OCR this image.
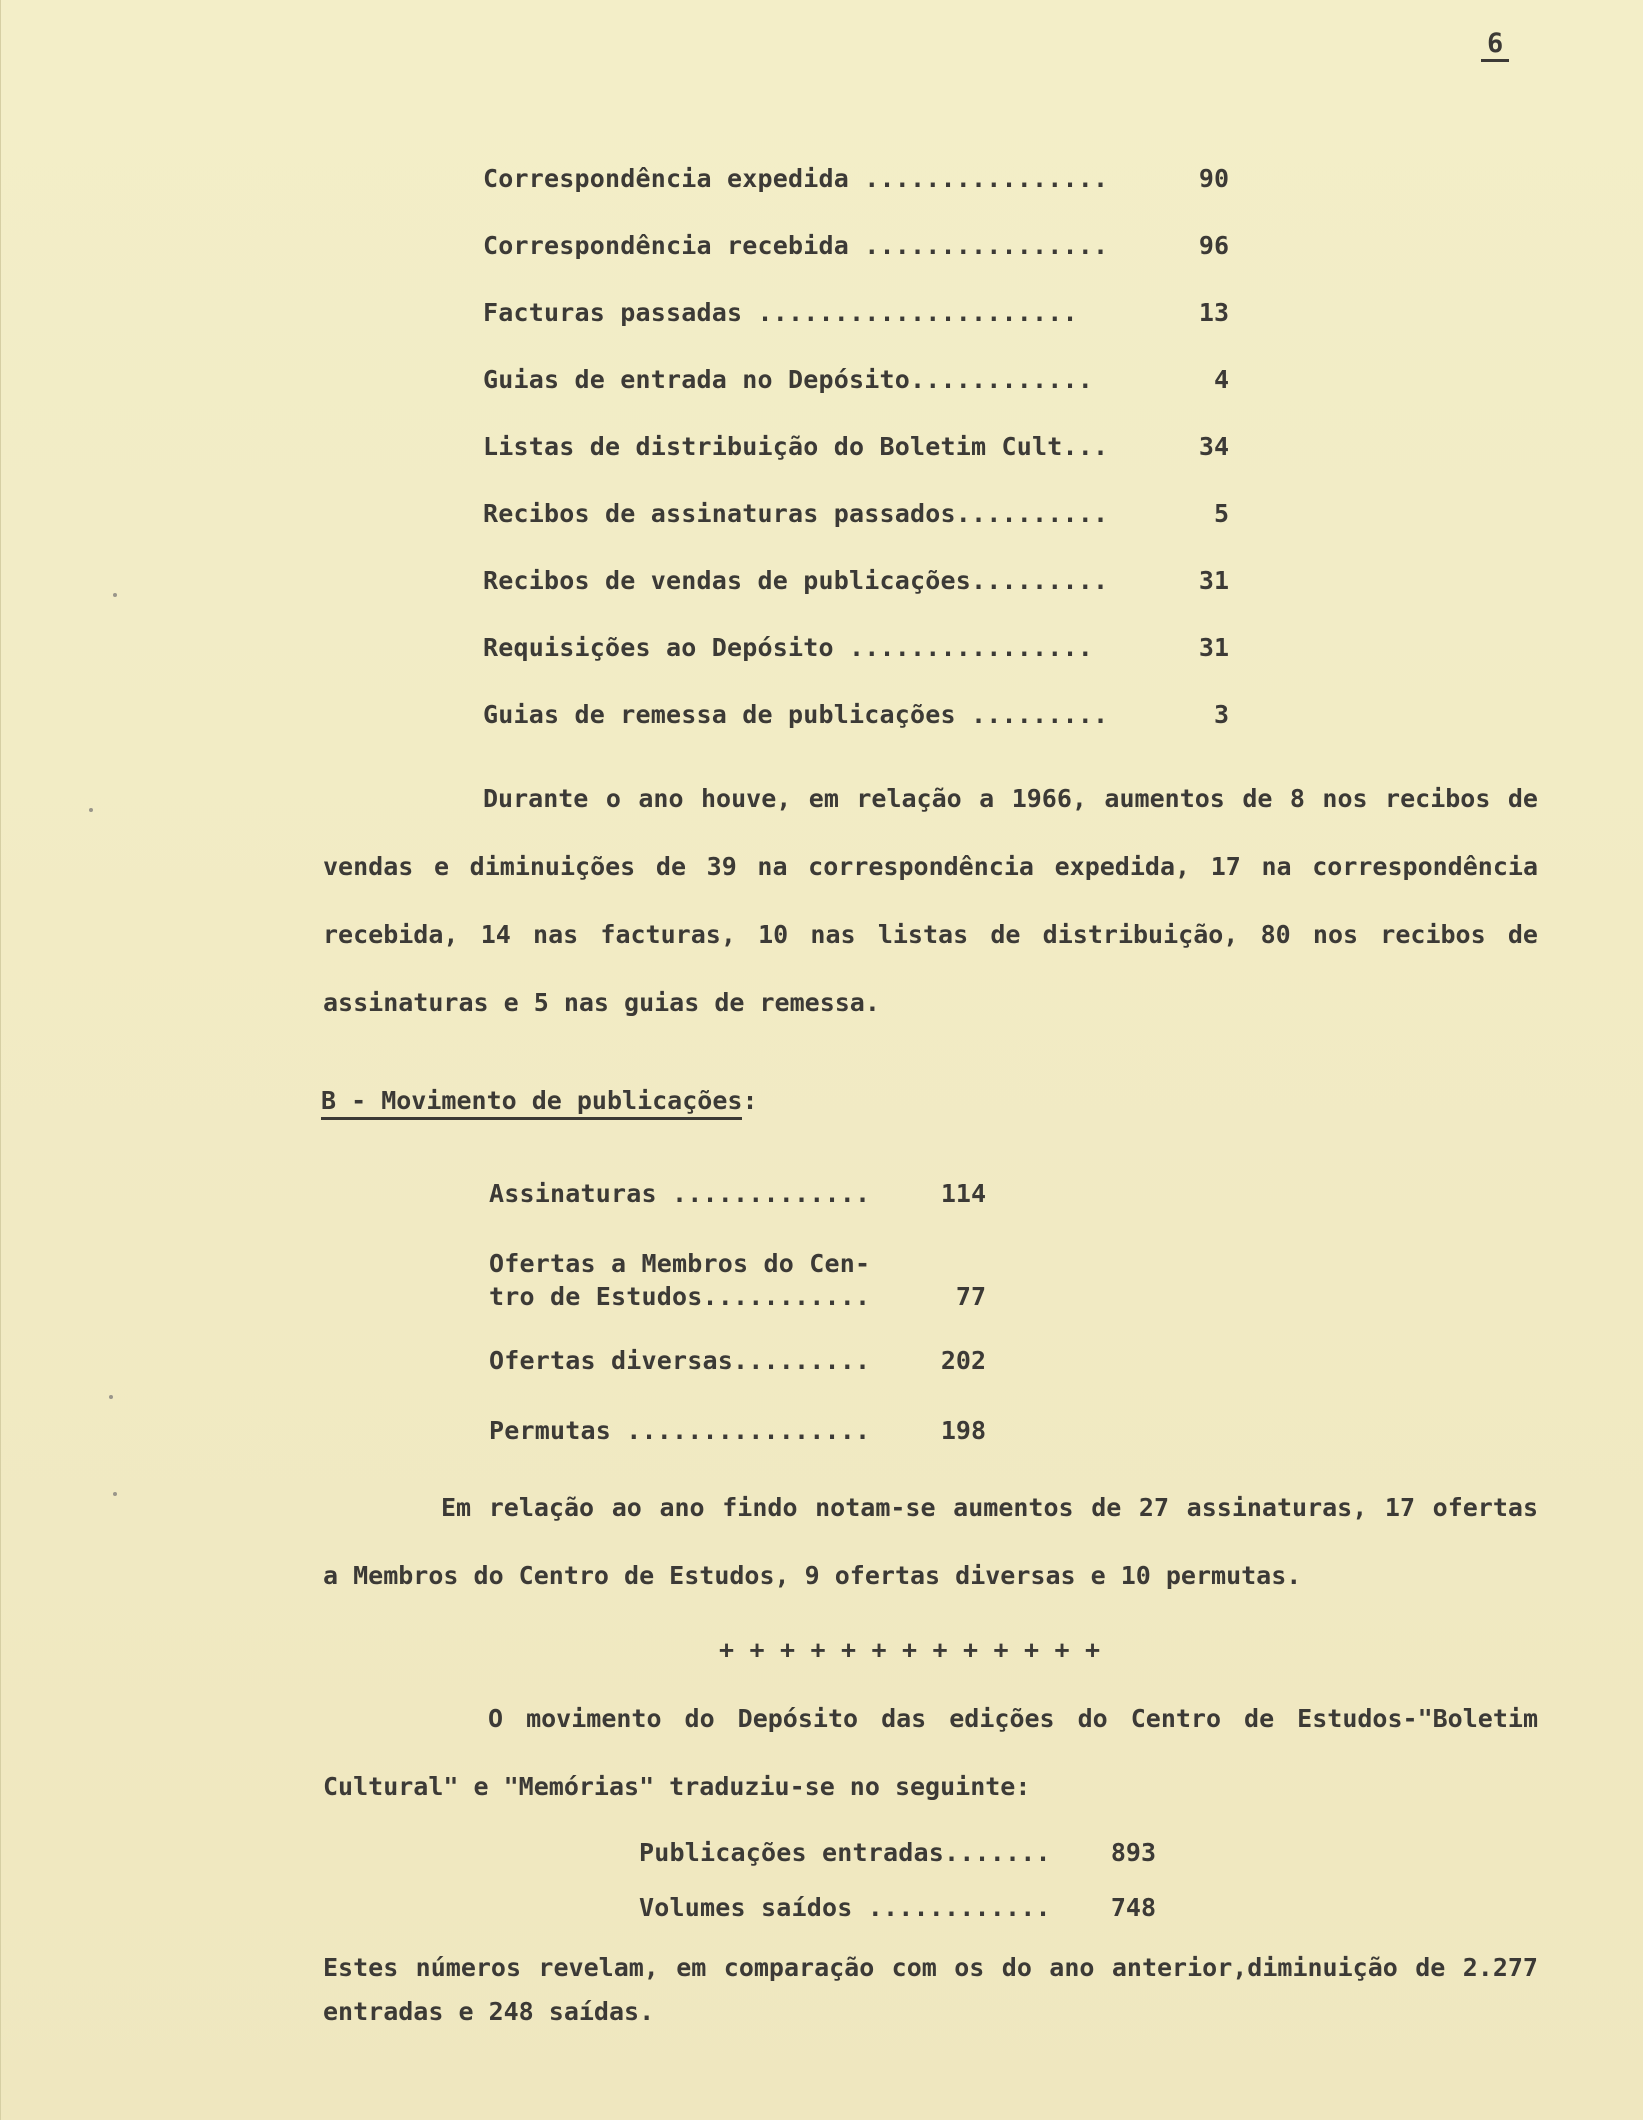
6
Correspondência expedida ................	90
Correspondência recebida ................	96
Facturas passadas .....................	13
Guias de entrada no Depósito............	4
Listas de distribuição do Boletim Cult...	34
Recibos de assinaturas passados..........	5
Recibos de vendas de publicações.........	31
Requisições ao Depósito ................	31
Guias de remessa de publicações .........	3
Durante o ano houve, em relação a 1966, aumentos de 8 nos recibos de vendas e diminuições de 39 na correspondência expedida, 17 na correspondência recebida, 14 nas facturas, 10 nas listas de distribuição, 80 nos recibos de assinaturas e 5 nas guias de remessa.
B - Movimento de publicações:
Assinaturas .............	114
Ofertas a Membros do Cen-
tro de Estudos...........	77
Ofertas diversas.........	202
Permutas ................	198
Em relação ao ano findo notam-se aumentos de 27 assinaturas, 17 ofertas a Membros do Centro de Estudos, 9 ofertas diversas e 10 permutas.
+ + + + + + + + + + + + +
O movimento do Depósito das edições do Centro de Estudos-"Boletim Cultural" e "Memórias" traduziu-se no seguinte:
Publicações entradas.......	893
Volumes saídos ............	748
Estes números revelam, em comparação com os do ano anterior,diminuição de 2.277 entradas e 248 saídas.
